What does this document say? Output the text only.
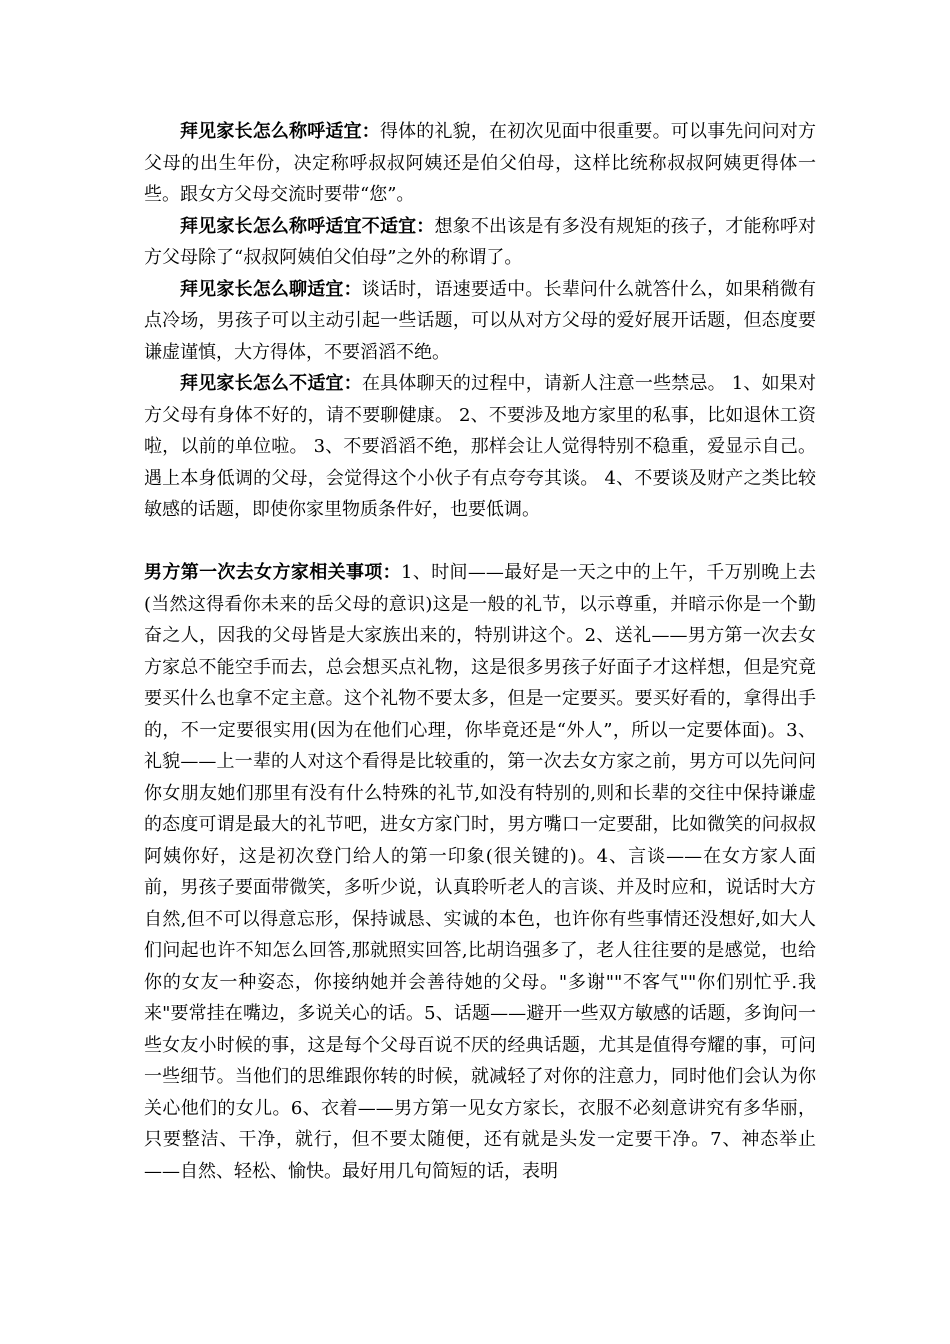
拜见家长怎么称呼适宜：得体的礼貌，在初次见面中很重要。可以事先问问对方父母的出生年份，决定称呼叔叔阿姨还是伯父伯母，这样比统称叔叔阿姨更得体一些。跟女方父母交流时要带“您”。

拜见家长怎么称呼适宜不适宜：想象不出该是有多没有规矩的孩子，才能称呼对方父母除了“叔叔阿姨伯父伯母”之外的称谓了。

拜见家长怎么聊适宜：谈话时，语速要适中。长辈问什么就答什么，如果稍微有点冷场，男孩子可以主动引起一些话题，可以从对方父母的爱好展开话题，但态度要谦虚谨慎，大方得体，不要滔滔不绝。

拜见家长怎么不适宜：在具体聊天的过程中，请新人注意一些禁忌。 1、如果对方父母有身体不好的，请不要聊健康。 2、不要涉及地方家里的私事，比如退休工资啦，以前的单位啦。 3、不要滔滔不绝，那样会让人觉得特别不稳重，爱显示自己。遇上本身低调的父母，会觉得这个小伙子有点夸夸其谈。 4、不要谈及财产之类比较敏感的话题，即使你家里物质条件好，也要低调。

男方第一次去女方家相关事项：1、时间——最好是一天之中的上午，千万别晚上去(当然这得看你未来的岳父母的意识)这是一般的礼节，以示尊重，并暗示你是一个勤奋之人，因我的父母皆是大家族出来的，特别讲这个。2、送礼——男方第一次去女方家总不能空手而去，总会想买点礼物，这是很多男孩子好面子才这样想，但是究竟要买什么也拿不定主意。这个礼物不要太多，但是一定要买。要买好看的，拿得出手的，不一定要很实用(因为在他们心理，你毕竟还是“外人”，所以一定要体面)。3、礼貌——上一辈的人对这个看得是比较重的，第一次去女方家之前，男方可以先问问你女朋友她们那里有没有什么特殊的礼节,如没有特别的,则和长辈的交往中保持谦虚的态度可谓是最大的礼节吧，进女方家门时，男方嘴口一定要甜，比如微笑的问叔叔阿姨你好，这是初次登门给人的第一印象(很关键的)。4、言谈——在女方家人面前，男孩子要面带微笑，多听少说，认真聆听老人的言谈、并及时应和，说话时大方自然,但不可以得意忘形，保持诚恳、实诚的本色，也许你有些事情还没想好,如大人们问起也许不知怎么回答,那就照实回答,比胡诌强多了，老人往往要的是感觉，也给你的女友一种姿态，你接纳她并会善待她的父母。"多谢""不客气""你们别忙乎.我来"要常挂在嘴边，多说关心的话。5、话题——避开一些双方敏感的话题，多询问一些女友小时候的事，这是每个父母百说不厌的经典话题，尤其是值得夸耀的事，可问一些细节。当他们的思维跟你转的时候，就减轻了对你的注意力，同时他们会认为你关心他们的女儿。6、衣着——男方第一见女方家长，衣服不必刻意讲究有多华丽，只要整洁、干净，就行，但不要太随便，还有就是头发一定要干净。7、神态举止——自然、轻松、愉快。最好用几句简短的话，表明
